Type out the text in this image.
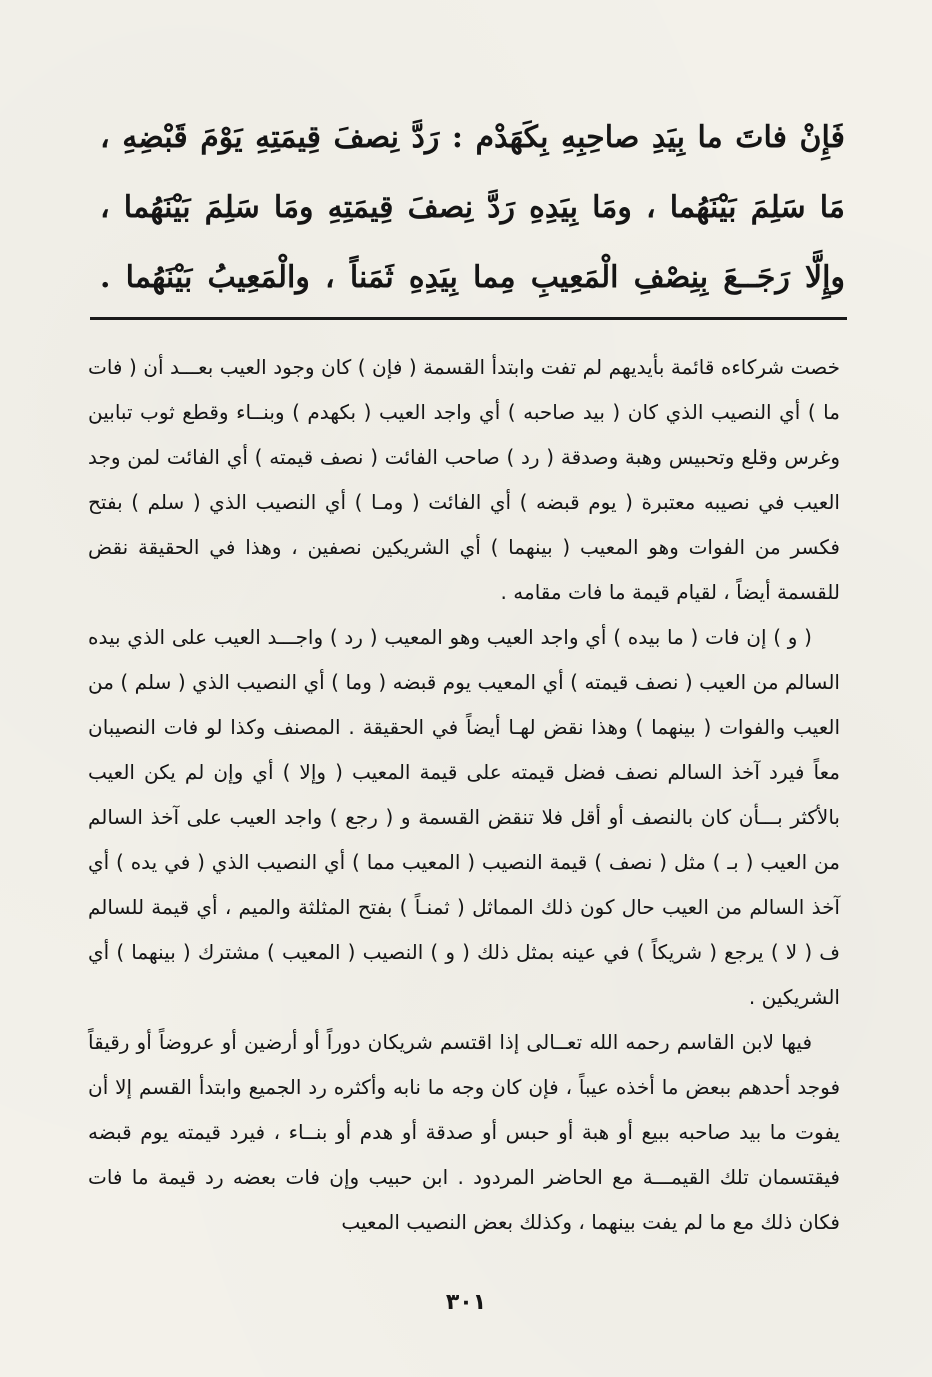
فَإِنْ فاتَ ما بِيَدِ صاحِبِهِ بِكَهَدْم : رَدَّ نِصفَ قِيمَتِهِ يَوْمَ قَبْضِهِ ،
مَا سَلِمَ بَيْنَهُما ، ومَا بِيَدِهِ رَدَّ نِصفَ قِيمَتِهِ ومَا سَلِمَ بَيْنَهُما ،
وإِلَّا رَجَــعَ بِنِصْفِ الْمَعِيبِ مِما بِيَدِهِ ثَمَناً ، والْمَعِيبُ بَيْنَهُما .

خصت شركاءه قائمة بأيديهم لم تفت وابتدأ القسمة ( فإن ) كان وجود العيب بعـــد أن ( فات ما ) أي النصيب الذي كان ( بيد صاحبه ) أي واجد العيب ( بكهدم ) وبنــاء وقطع ثوب تبابين وغرس وقلع وتحبيس وهبة وصدقة ( رد ) صاحب الفائت ( نصف قيمته ) أي الفائت لمن وجد العيب في نصيبه معتبرة ( يوم قبضه ) أي الفائت ( ومـا ) أي النصيب الذي ( سلم ) بفتح فكسر من الفوات وهو المعيب ( بينهما ) أي الشريكين نصفين ، وهذا في الحقيقة نقض للقسمة أيضاً ، لقيام قيمة ما فات مقامه .

( و ) إن فات ( ما بيده ) أي واجد العيب وهو المعيب ( رد ) واجـــد العيب على الذي بيده السالم من العيب ( نصف قيمته ) أي المعيب يوم قبضه ( وما ) أي النصيب الذي ( سلم ) من العيب والفوات ( بينهما ) وهذا نقض لهـا أيضاً في الحقيقة . المصنف وكذا لو فات النصيبان معاً فيرد آخذ السالم نصف فضل قيمته على قيمة المعيب ( وإلا ) أي وإن لم يكن العيب بالأكثر بـــأن كان بالنصف أو أقل فلا تنقض القسمة و ( رجع ) واجد العيب على آخذ السالم من العيب ( بـ ) مثل ( نصف ) قيمة النصيب ( المعيب مما ) أي النصيب الذي ( في يده ) أي آخذ السالم من العيب حال كون ذلك المماثل ( ثمنـاً ) بفتح المثلثة والميم ، أي قيمة للسالم ف ( لا ) يرجع ( شريكاً ) في عينه بمثل ذلك ( و ) النصيب ( المعيب ) مشترك ( بينهما ) أي الشريكين .

فيها لابن القاسم رحمه الله تعــالى إذا اقتسم شريكان دوراً أو أرضين أو عروضاً أو رقيقاً فوجد أحدهم ببعض ما أخذه عيباً ، فإن كان وجه ما نابه وأكثره رد الجميع وابتدأ القسم إلا أن يفوت ما بيد صاحبه ببيع أو هبة أو حبس أو صدقة أو هدم أو بنــاء ، فيرد قيمته يوم قبضه فيقتسمان تلك القيمـــة مع الحاضر المردود . ابن حبيب وإن فات بعضه رد قيمة ما فات فكان ذلك مع ما لم يفت بينهما ، وكذلك بعض النصيب المعيب

٣٠١
